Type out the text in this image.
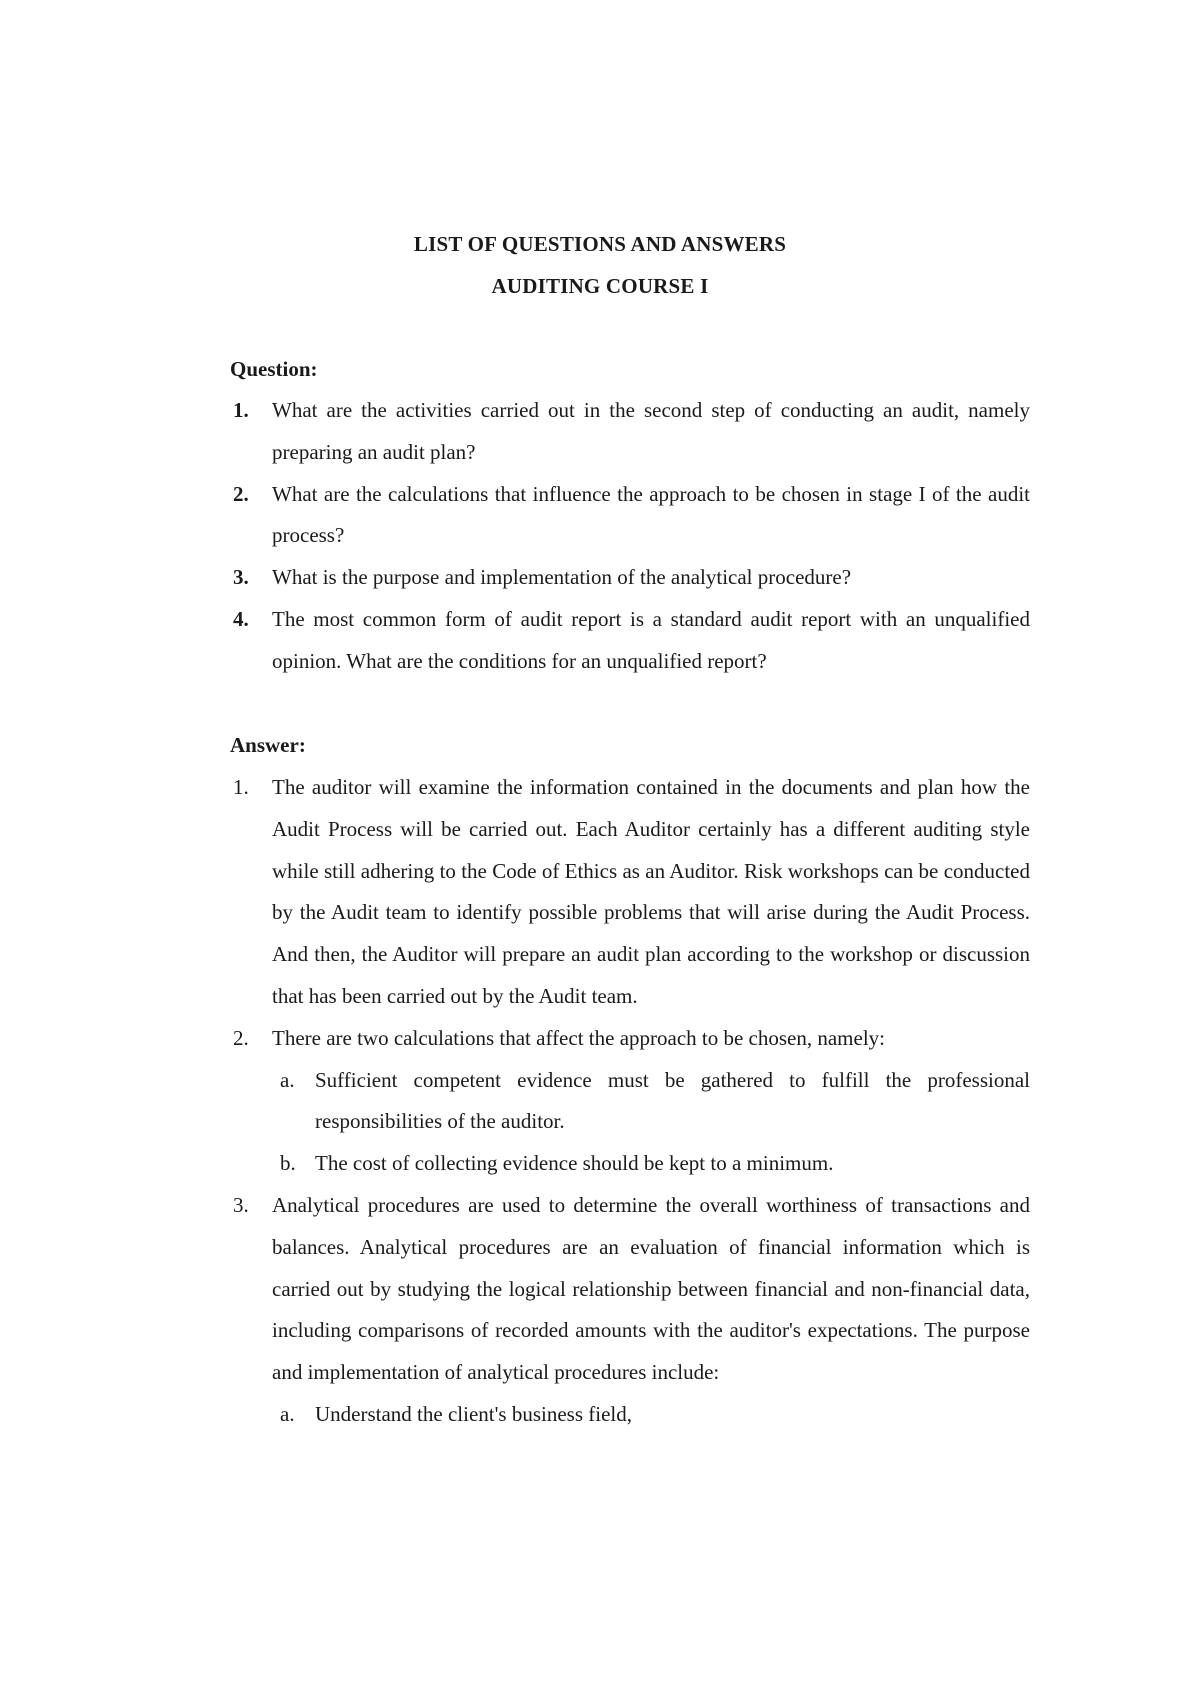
LIST OF QUESTIONS AND ANSWERS
AUDITING COURSE I
Question:
1. What are the activities carried out in the second step of conducting an audit, namely preparing an audit plan?
2. What are the calculations that influence the approach to be chosen in stage I of the audit process?
3. What is the purpose and implementation of the analytical procedure?
4. The most common form of audit report is a standard audit report with an unqualified opinion. What are the conditions for an unqualified report?
Answer:
1. The auditor will examine the information contained in the documents and plan how the Audit Process will be carried out. Each Auditor certainly has a different auditing style while still adhering to the Code of Ethics as an Auditor. Risk workshops can be conducted by the Audit team to identify possible problems that will arise during the Audit Process. And then, the Auditor will prepare an audit plan according to the workshop or discussion that has been carried out by the Audit team.
2. There are two calculations that affect the approach to be chosen, namely:
a. Sufficient competent evidence must be gathered to fulfill the professional responsibilities of the auditor.
b. The cost of collecting evidence should be kept to a minimum.
3. Analytical procedures are used to determine the overall worthiness of transactions and balances. Analytical procedures are an evaluation of financial information which is carried out by studying the logical relationship between financial and non-financial data, including comparisons of recorded amounts with the auditor's expectations. The purpose and implementation of analytical procedures include:
a. Understand the client's business field,
